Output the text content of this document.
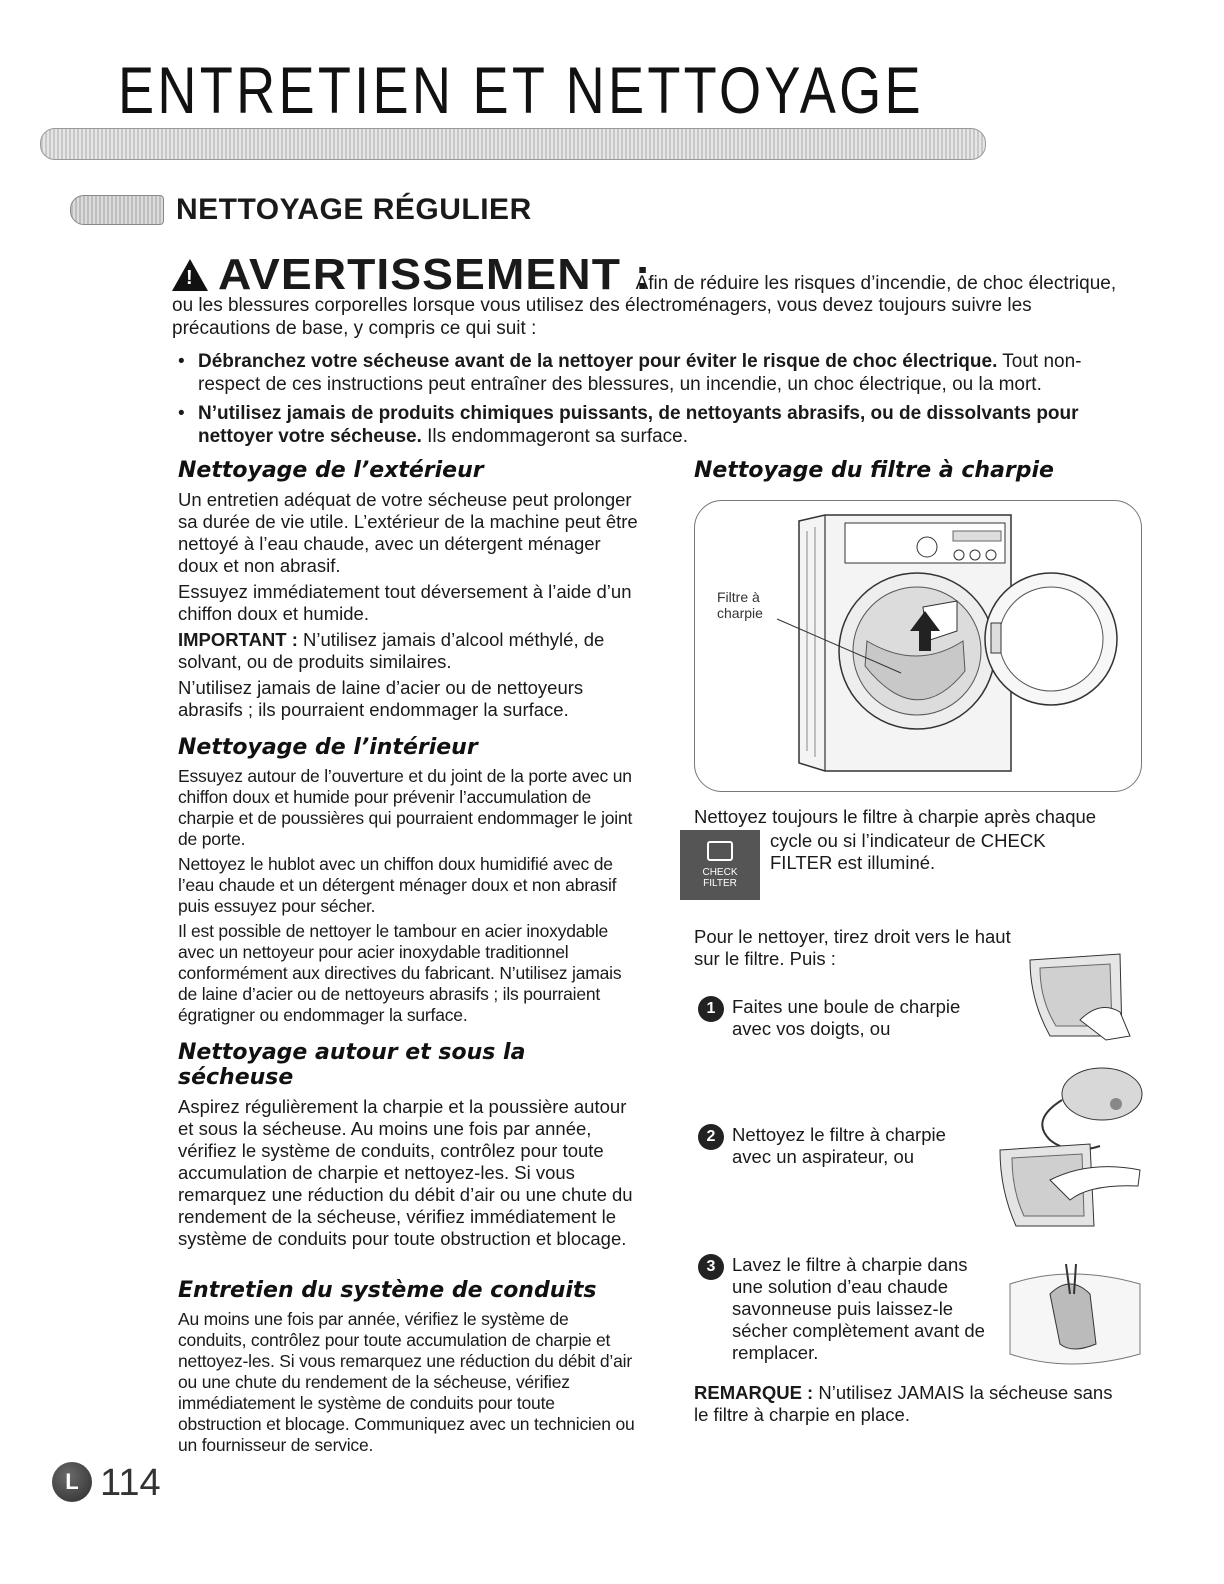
ENTRETIEN ET NETTOYAGE
NETTOYAGE RÉGULIER
! AVERTISSEMENT : Afin de réduire les risques d’incendie, de choc électrique,
ou les blessures corporelles lorsque vous utilisez des électroménagers, vous devez toujours suivre les précautions de base, y compris ce qui suit :
• Débranchez votre sécheuse avant de la nettoyer pour éviter le risque de choc électrique. Tout non-respect de ces instructions peut entraîner des blessures, un incendie, un choc électrique, ou la mort.
• N’utilisez jamais de produits chimiques puissants, de nettoyants abrasifs, ou de dissolvants pour nettoyer votre sécheuse. Ils endommageront sa surface.
Nettoyage de l’extérieur

Un entretien adéquat de votre sécheuse peut prolonger sa durée de vie utile. L’extérieur de la machine peut être nettoyé à l’eau chaude, avec un détergent ménager doux et non abrasif.

Essuyez immédiatement tout déversement à l’aide d’un chiffon doux et humide.

IMPORTANT : N’utilisez jamais d’alcool méthylé, de solvant, ou de produits similaires.

N’utilisez jamais de laine d’acier ou de nettoyeurs abrasifs ; ils pourraient endommager la surface.

Nettoyage de l’intérieur

Essuyez autour de l’ouverture et du joint de la porte avec un chiffon doux et humide pour prévenir l’accumulation de charpie et de poussières qui pourraient endommager le joint de porte.

Nettoyez le hublot avec un chiffon doux humidifié avec de l’eau chaude et un détergent ménager doux et non abrasif puis essuyez pour sécher.

Il est possible de nettoyer le tambour en acier inoxydable avec un nettoyeur pour acier inoxydable traditionnel conformément aux directives du fabricant. N’utilisez jamais de laine d’acier ou de nettoyeurs abrasifs ; ils pourraient égratigner ou endommager la surface.

Nettoyage autour et sous la sécheuse

Aspirez régulièrement la charpie et la poussière autour et sous la sécheuse. Au moins une fois par année, vérifiez le système de conduits, contrôlez pour toute accumulation de charpie et nettoyez-les. Si vous remarquez une réduction du débit d’air ou une chute du rendement de la sécheuse, vérifiez immédiatement le système de conduits pour toute obstruction et blocage.

Entretien du système de conduits

Au moins une fois par année, vérifiez le système de conduits, contrôlez pour toute accumulation de charpie et nettoyez-les. Si vous remarquez une réduction du débit d’air ou une chute du rendement de la sécheuse, vérifiez immédiatement le système de conduits pour toute obstruction et blocage. Communiquez avec un technicien ou un fournisseur de service.

Nettoyage du filtre à charpie
Filtre à charpie

Nettoyez toujours le filtre à charpie après chaque

CHECK FILTER

cycle ou si l’indicateur de CHECK FILTER est illuminé.

Pour le nettoyer, tirez droit vers le haut sur le filtre. Puis :

1 Faites une boule de charpie avec vos doigts, ou

2 Nettoyez le filtre à charpie avec un aspirateur, ou

3 Lavez le filtre à charpie dans une solution d’eau chaude savonneuse puis laissez-le sécher complètement avant de remplacer.

REMARQUE : N’utilisez JAMAIS la sécheuse sans le filtre à charpie en place.

L 114
